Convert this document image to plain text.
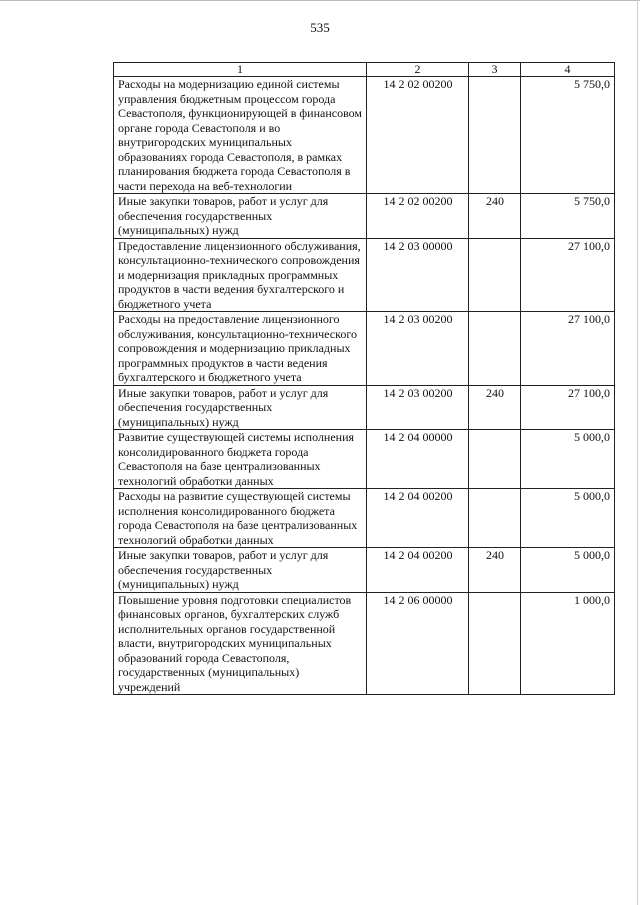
535
1	2	3	4
Расходы на модернизацию единой системы управления бюджетным процессом города Севастополя, функционирующей в финансовом органе города Севастополя и во внутригородских муниципальных образованиях города Севастополя, в рамках планирования бюджета города Севастополя в части перехода на веб-технологии	14 2 02 00200		5 750,0
Иные закупки товаров, работ и услуг для обеспечения государственных (муниципальных) нужд	14 2 02 00200	240	5 750,0
Предоставление лицензионного обслуживания, консультационно-технического сопровождения и модернизация прикладных программных продуктов в части ведения бухгалтерского и бюджетного учета	14 2 03 00000		27 100,0
Расходы на предоставление лицензионного обслуживания, консультационно-технического сопровождения и модернизацию прикладных программных продуктов в части ведения бухгалтерского и бюджетного учета	14 2 03 00200		27 100,0
Иные закупки товаров, работ и услуг для обеспечения государственных (муниципальных) нужд	14 2 03 00200	240	27 100,0
Развитие существующей системы исполнения консолидированного бюджета города Севастополя на базе централизованных технологий обработки данных	14 2 04 00000		5 000,0
Расходы на развитие существующей системы исполнения консолидированного бюджета города Севастополя на базе централизованных технологий обработки данных	14 2 04 00200		5 000,0
Иные закупки товаров, работ и услуг для обеспечения государственных (муниципальных) нужд	14 2 04 00200	240	5 000,0
Повышение уровня подготовки специалистов финансовых органов, бухгалтерских служб исполнительных органов государственной власти, внутригородских муниципальных образований города Севастополя, государственных (муниципальных) учреждений	14 2 06 00000		1 000,0
